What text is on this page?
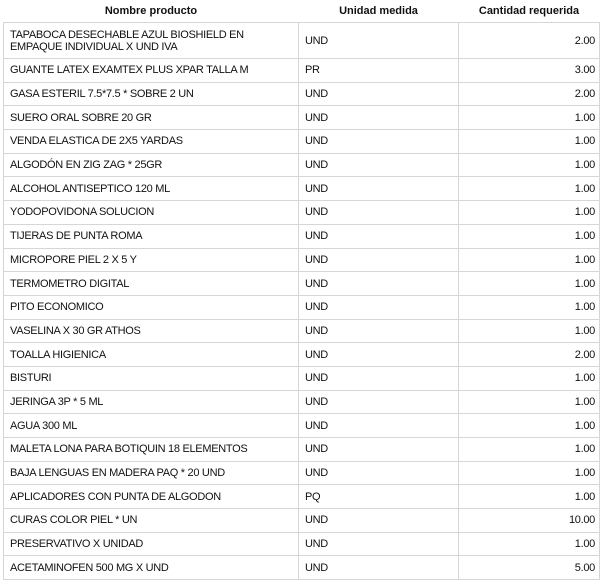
Nombre producto	Unidad medida	Cantidad requerida
TAPABOCA DESECHABLE AZUL BIOSHIELD EN EMPAQUE INDIVIDUAL X UND IVA	UND	2.00
GUANTE LATEX EXAMTEX PLUS XPAR TALLA M	PR	3.00
GASA ESTERIL 7.5*7.5 * SOBRE 2 UN	UND	2.00
SUERO ORAL SOBRE 20 GR	UND	1.00
VENDA ELASTICA DE 2X5 YARDAS	UND	1.00
ALGODÓN EN ZIG ZAG * 25GR	UND	1.00
ALCOHOL ANTISEPTICO 120 ML	UND	1.00
YODOPOVIDONA SOLUCION	UND	1.00
TIJERAS DE PUNTA ROMA	UND	1.00
MICROPORE PIEL 2 X 5 Y	UND	1.00
TERMOMETRO DIGITAL	UND	1.00
PITO ECONOMICO	UND	1.00
VASELINA X 30 GR ATHOS	UND	1.00
TOALLA HIGIENICA	UND	2.00
BISTURI	UND	1.00
JERINGA 3P * 5 ML	UND	1.00
AGUA 300 ML	UND	1.00
MALETA LONA PARA BOTIQUIN 18 ELEMENTOS	UND	1.00
BAJA LENGUAS EN MADERA PAQ * 20 UND	UND	1.00
APLICADORES CON PUNTA DE ALGODON	PQ	1.00
CURAS COLOR PIEL * UN	UND	10.00
PRESERVATIVO X UNIDAD	UND	1.00
ACETAMINOFEN 500 MG X UND	UND	5.00
